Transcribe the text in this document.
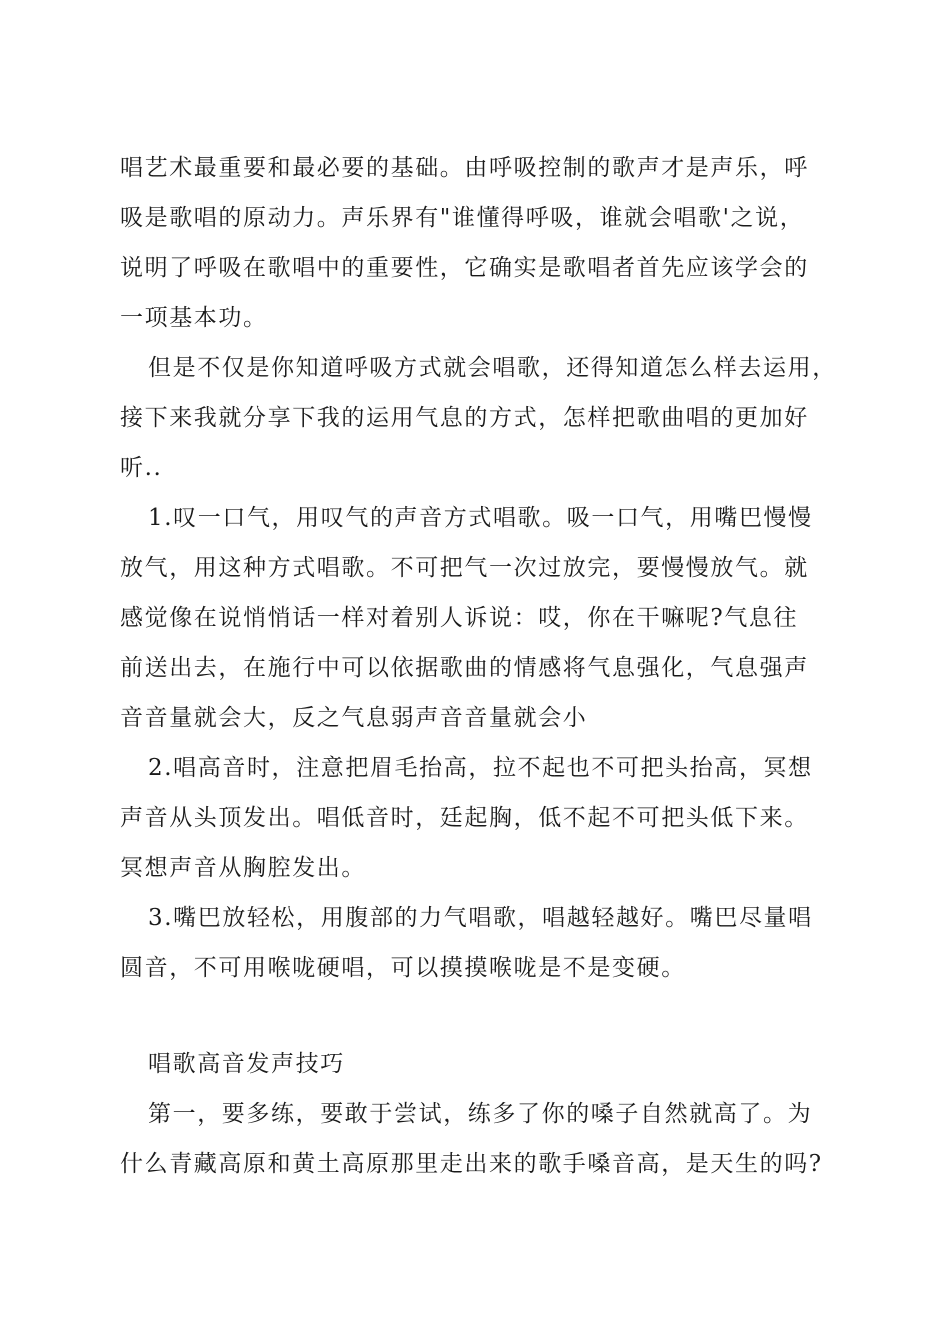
唱艺术最重要和最必要的基础。由呼吸控制的歌声才是声乐，呼
吸是歌唱的原动力。声乐界有"谁懂得呼吸，谁就会唱歌'之说，
说明了呼吸在歌唱中的重要性，它确实是歌唱者首先应该学会的
一项基本功。
但是不仅是你知道呼吸方式就会唱歌，还得知道怎么样去运用，
接下来我就分享下我的运用气息的方式，怎样把歌曲唱的更加好
听..
1.叹一口气，用叹气的声音方式唱歌。吸一口气，用嘴巴慢慢
放气，用这种方式唱歌。不可把气一次过放完，要慢慢放气。就
感觉像在说悄悄话一样对着别人诉说：哎，你在干嘛呢?气息往
前送出去，在施行中可以依据歌曲的情感将气息强化，气息强声
音音量就会大，反之气息弱声音音量就会小
2.唱高音时，注意把眉毛抬高，拉不起也不可把头抬高，冥想
声音从头顶发出。唱低音时，廷起胸，低不起不可把头低下来。
冥想声音从胸腔发出。
3.嘴巴放轻松，用腹部的力气唱歌，唱越轻越好。嘴巴尽量唱
圆音，不可用喉咙硬唱，可以摸摸喉咙是不是变硬。
唱歌高音发声技巧
第一，要多练，要敢于尝试，练多了你的嗓子自然就高了。为
什么青藏高原和黄土高原那里走出来的歌手嗓音高，是天生的吗?
